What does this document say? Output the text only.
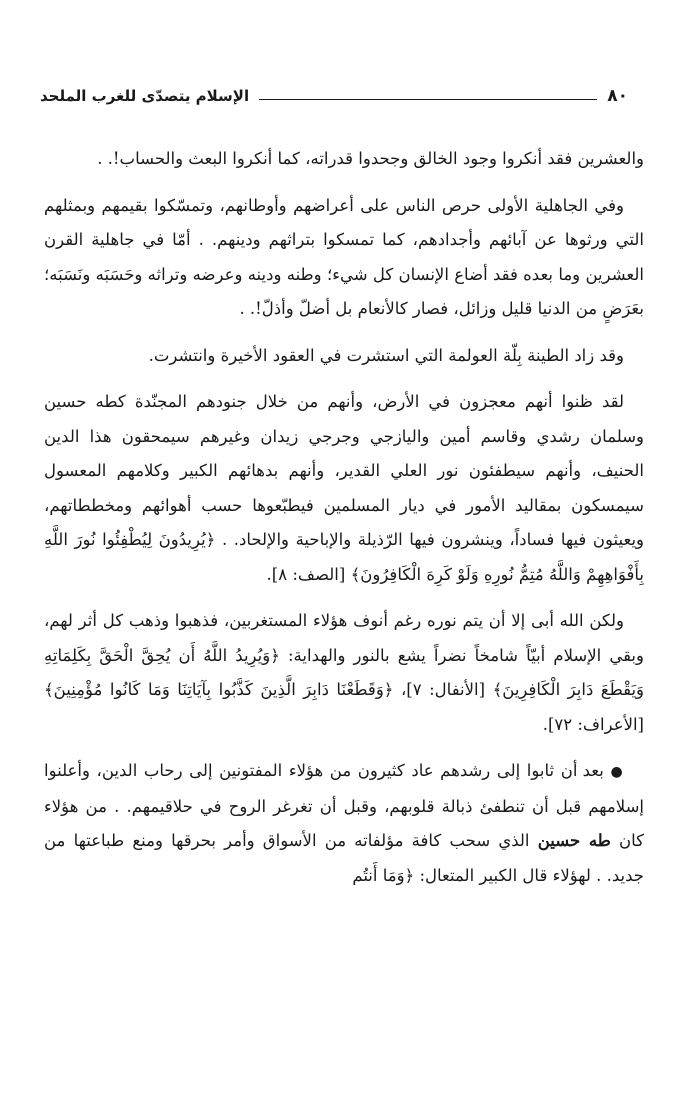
٨٠
الإسلام يتصدّى للغرب الملحد

والعشرين فقد أنكروا وجود الخالق وجحدوا قدراته، كما أنكروا البعث والحساب!. .

وفي الجاهلية الأولى حرص الناس على أعراضهم وأوطانهم، وتمسّكوا بقيمهم وبمثلهم التي ورثوها عن آبائهم وأجدادهم، كما تمسكوا بتراثهم ودينهم. . أمّا في جاهلية القرن العشرين وما بعده فقد أضاع الإنسان كل شيء؛ وطنه ودينه وعرضه وتراثه وحَسَبَه ونَسَبَه؛ بعَرَضٍ من الدنيا قليل وزائل، فصار كالأنعام بل أضلّ وأذلّ!. .

وقد زاد الطينة بِلّة العولمة التي استشرت في العقود الأخيرة وانتشرت.

لقد ظنوا أنهم معجزون في الأرض، وأنهم من خلال جنودهم المجنّدة كطه حسين وسلمان رشدي وقاسم أمين واليازجي وجرجي زيدان وغيرهم سيمحقون هذا الدين الحنيف، وأنهم سيطفئون نور العلي القدير، وأنهم بدهائهم الكبير وكلامهم المعسول سيمسكون بمقاليد الأمور في ديار المسلمين فيطبّعوها حسب أهوائهم ومخططاتهم، ويعيثون فيها فساداً، وينشرون فيها الرّذيلة والإباحية والإلحاد. . ﴿يُرِيدُونَ لِيُطْفِئُوا نُورَ اللَّهِ بِأَفْوَاهِهِمْ وَاللَّهُ مُتِمُّ نُورِهِ وَلَوْ كَرِهَ الْكَافِرُونَ﴾ [الصف: ٨].

ولكن الله أبى إلا أن يتم نوره رغم أنوف هؤلاء المستغربين، فذهبوا وذهب كل أثر لهم، وبقي الإسلام أبيّاً شامخاً نضراً يشع بالنور والهداية: ﴿وَيُرِيدُ اللَّهُ أَن يُحِقَّ الْحَقَّ بِكَلِمَاتِهِ وَيَقْطَعَ دَابِرَ الْكَافِرِينَ﴾ [الأنفال: ٧]، ﴿وَقَطَعْنَا دَابِرَ الَّذِينَ كَذَّبُوا بِآيَاتِنَا وَمَا كَانُوا مُؤْمِنِينَ﴾ [الأعراف: ٧٢].

● بعد أن ثابوا إلى رشدهم عاد كثيرون من هؤلاء المفتونين إلى رحاب الدين، وأعلنوا إسلامهم قبل أن تنطفئ ذبالة قلوبهم، وقبل أن تغرغر الروح في حلاقيمهم. . من هؤلاء كان طه حسين الذي سحب كافة مؤلفاته من الأسواق وأمر بحرقها ومنع طباعتها من جديد. . لهؤلاء قال الكبير المتعال: ﴿وَمَا أَنتُم
